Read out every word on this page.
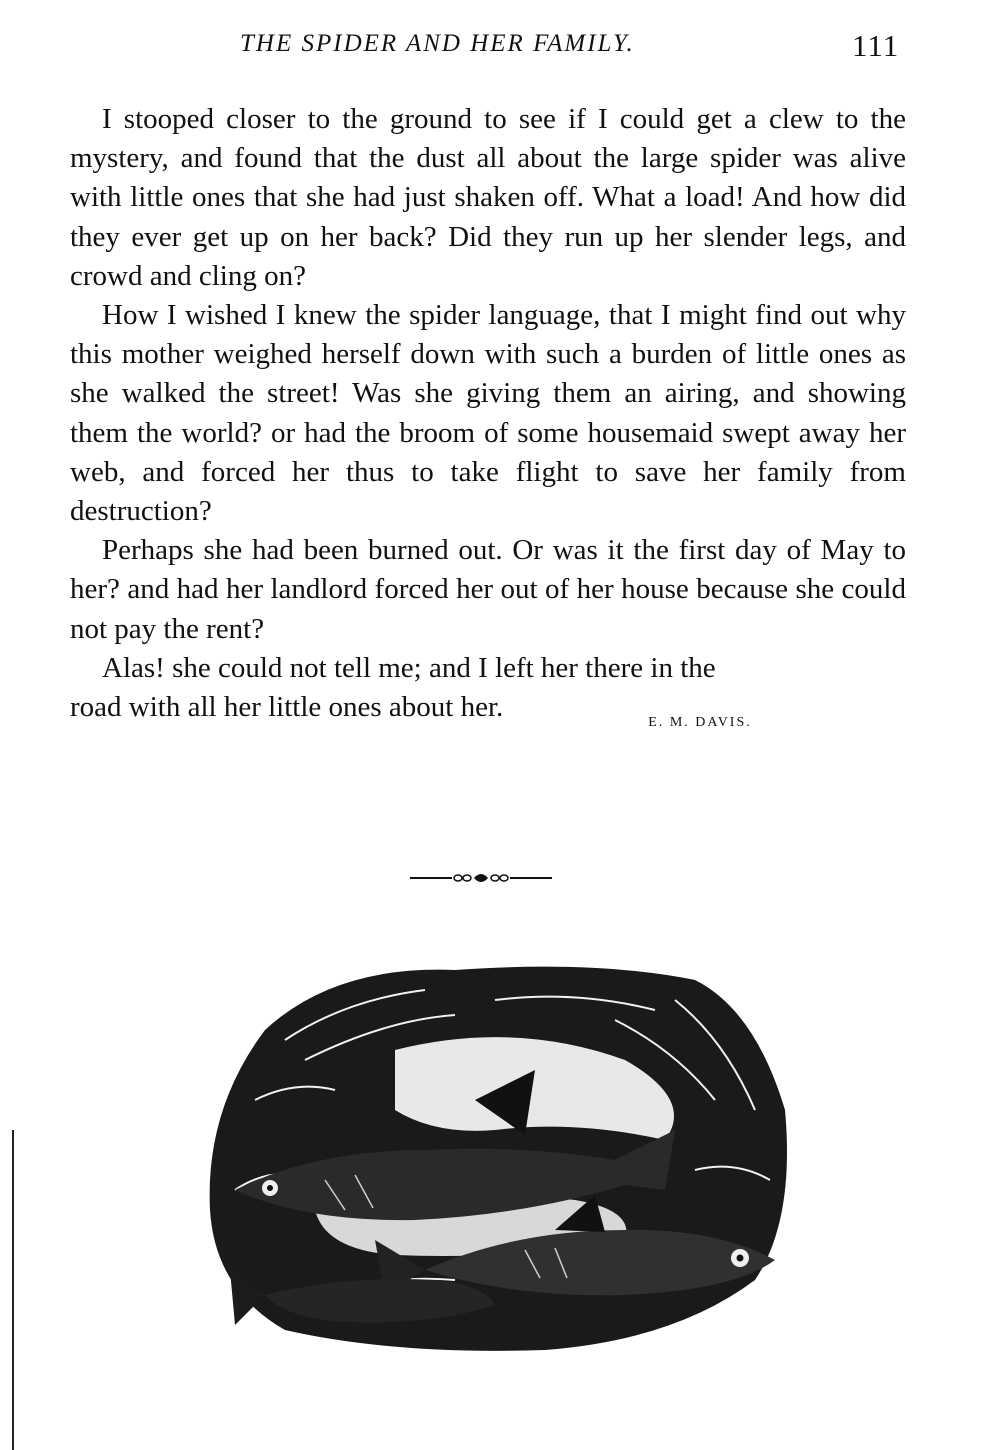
THE SPIDER AND HER FAMILY.	111

I stooped closer to the ground to see if I could get a clew to the mystery, and found that the dust all about the large spider was alive with little ones that she had just shaken off. What a load! And how did they ever get up on her back? Did they run up her slender legs, and crowd and cling on?

How I wished I knew the spider language, that I might find out why this mother weighed herself down with such a burden of little ones as she walked the street! Was she giving them an airing, and showing them the world? or had the broom of some housemaid swept away her web, and forced her thus to take flight to save her family from destruction?

Perhaps she had been burned out. Or was it the first day of May to her? and had her landlord forced her out of her house because she could not pay the rent?

Alas! she could not tell me; and I left her there in the

road with all her little ones about her.	E. M. DAVIS.
